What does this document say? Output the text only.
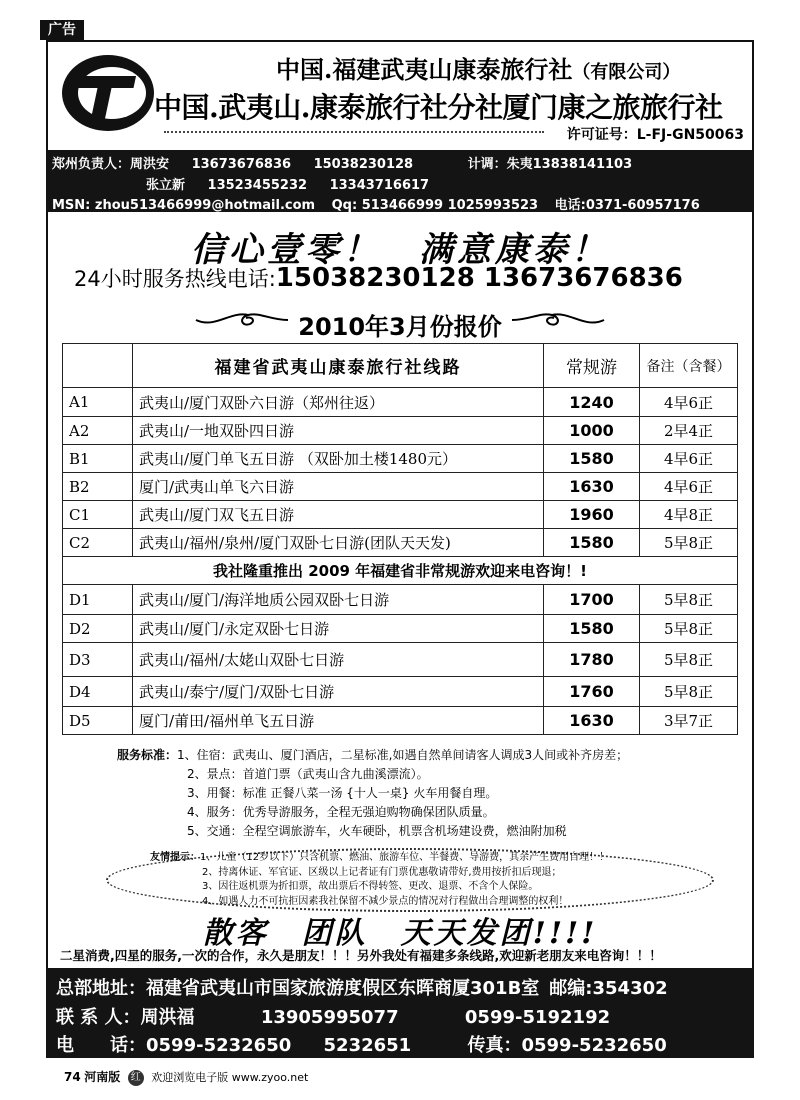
广告
中国.福建武夷山康泰旅行社（有限公司）
中国.武夷山.康泰旅行社分社厦门康之旅旅行社
许可证号：L-FJ-GN50063
郑州负责人：周洪安 13673676836 15038230128	计调：朱夷13838141103
张立新 13523455232 13343716617
MSN: zhou513466999@hotmail.com Qq: 513466999 1025993523 电话:0371-60957176
信心壹零！　满意康泰！
24小时服务热线电话:15038230128 13673676836
2010年3月份报价
	福建省武夷山康泰旅行社线路	常规游	备注（含餐）
A1	武夷山/厦门双卧六日游（郑州往返）	1240	4早6正
A2	武夷山/一地双卧四日游	1000	2早4正
B1	武夷山/厦门单飞五日游 （双卧加土楼1480元）	1580	4早6正
B2	厦门/武夷山单飞六日游	1630	4早6正
C1	武夷山/厦门双飞五日游	1960	4早8正
C2	武夷山/福州/泉州/厦门双卧七日游(团队天天发)	1580	5早8正
我社隆重推出 2009 年福建省非常规游欢迎来电咨询！!			
D1	武夷山/厦门/海洋地质公园双卧七日游	1700	5早8正
D2	武夷山/厦门/永定双卧七日游	1580	5早8正
D3	武夷山/福州/太姥山双卧七日游	1780	5早8正
D4	武夷山/泰宁/厦门/双卧七日游	1760	5早8正
D5	厦门/莆田/福州单飞五日游	1630	3早7正
服务标准：1、住宿：武夷山、厦门酒店，二星标准,如遇自然单间请客人调成3人间或补齐房差；
2、景点：首道门票（武夷山含九曲溪漂流）。
3、用餐：标准 正餐八菜一汤 {十人一桌} 火车用餐自理。
4、服务：优秀导游服务，全程无强迫购物确保团队质量。
5、交通：全程空调旅游车，火车硬卧，机票含机场建设费，燃油附加税
友情提示：1、儿童（12岁以下）只含机票、燃油、旅游车位、半餐费、导游费，其余产生费用自理！！
2、持离休证、军官证、区级以上记者证有门票优惠敬请带好,费用按折扣后现退；
3、因往返机票为折扣票，故出票后不得转签、更改、退票、不含个人保险。
4、如遇人力不可抗拒因素我社保留不减少景点的情况对行程做出合理调整的权利！
散客　团队　天天发团!!!!
二星消费,四星的服务,一次的合作，永久是朋友！！！另外我处有福建多条线路,欢迎新老朋友来电咨询！！！
总部地址：福建省武夷山市国家旅游度假区东晖商厦301B室 邮编:354302
联 系 人：周洪福	13905995077	0599-5192192
电　　话：0599-5232650 5232651	传真：0599-5232650
74 河南版 红 欢迎浏览电子版 www.zyoo.net
